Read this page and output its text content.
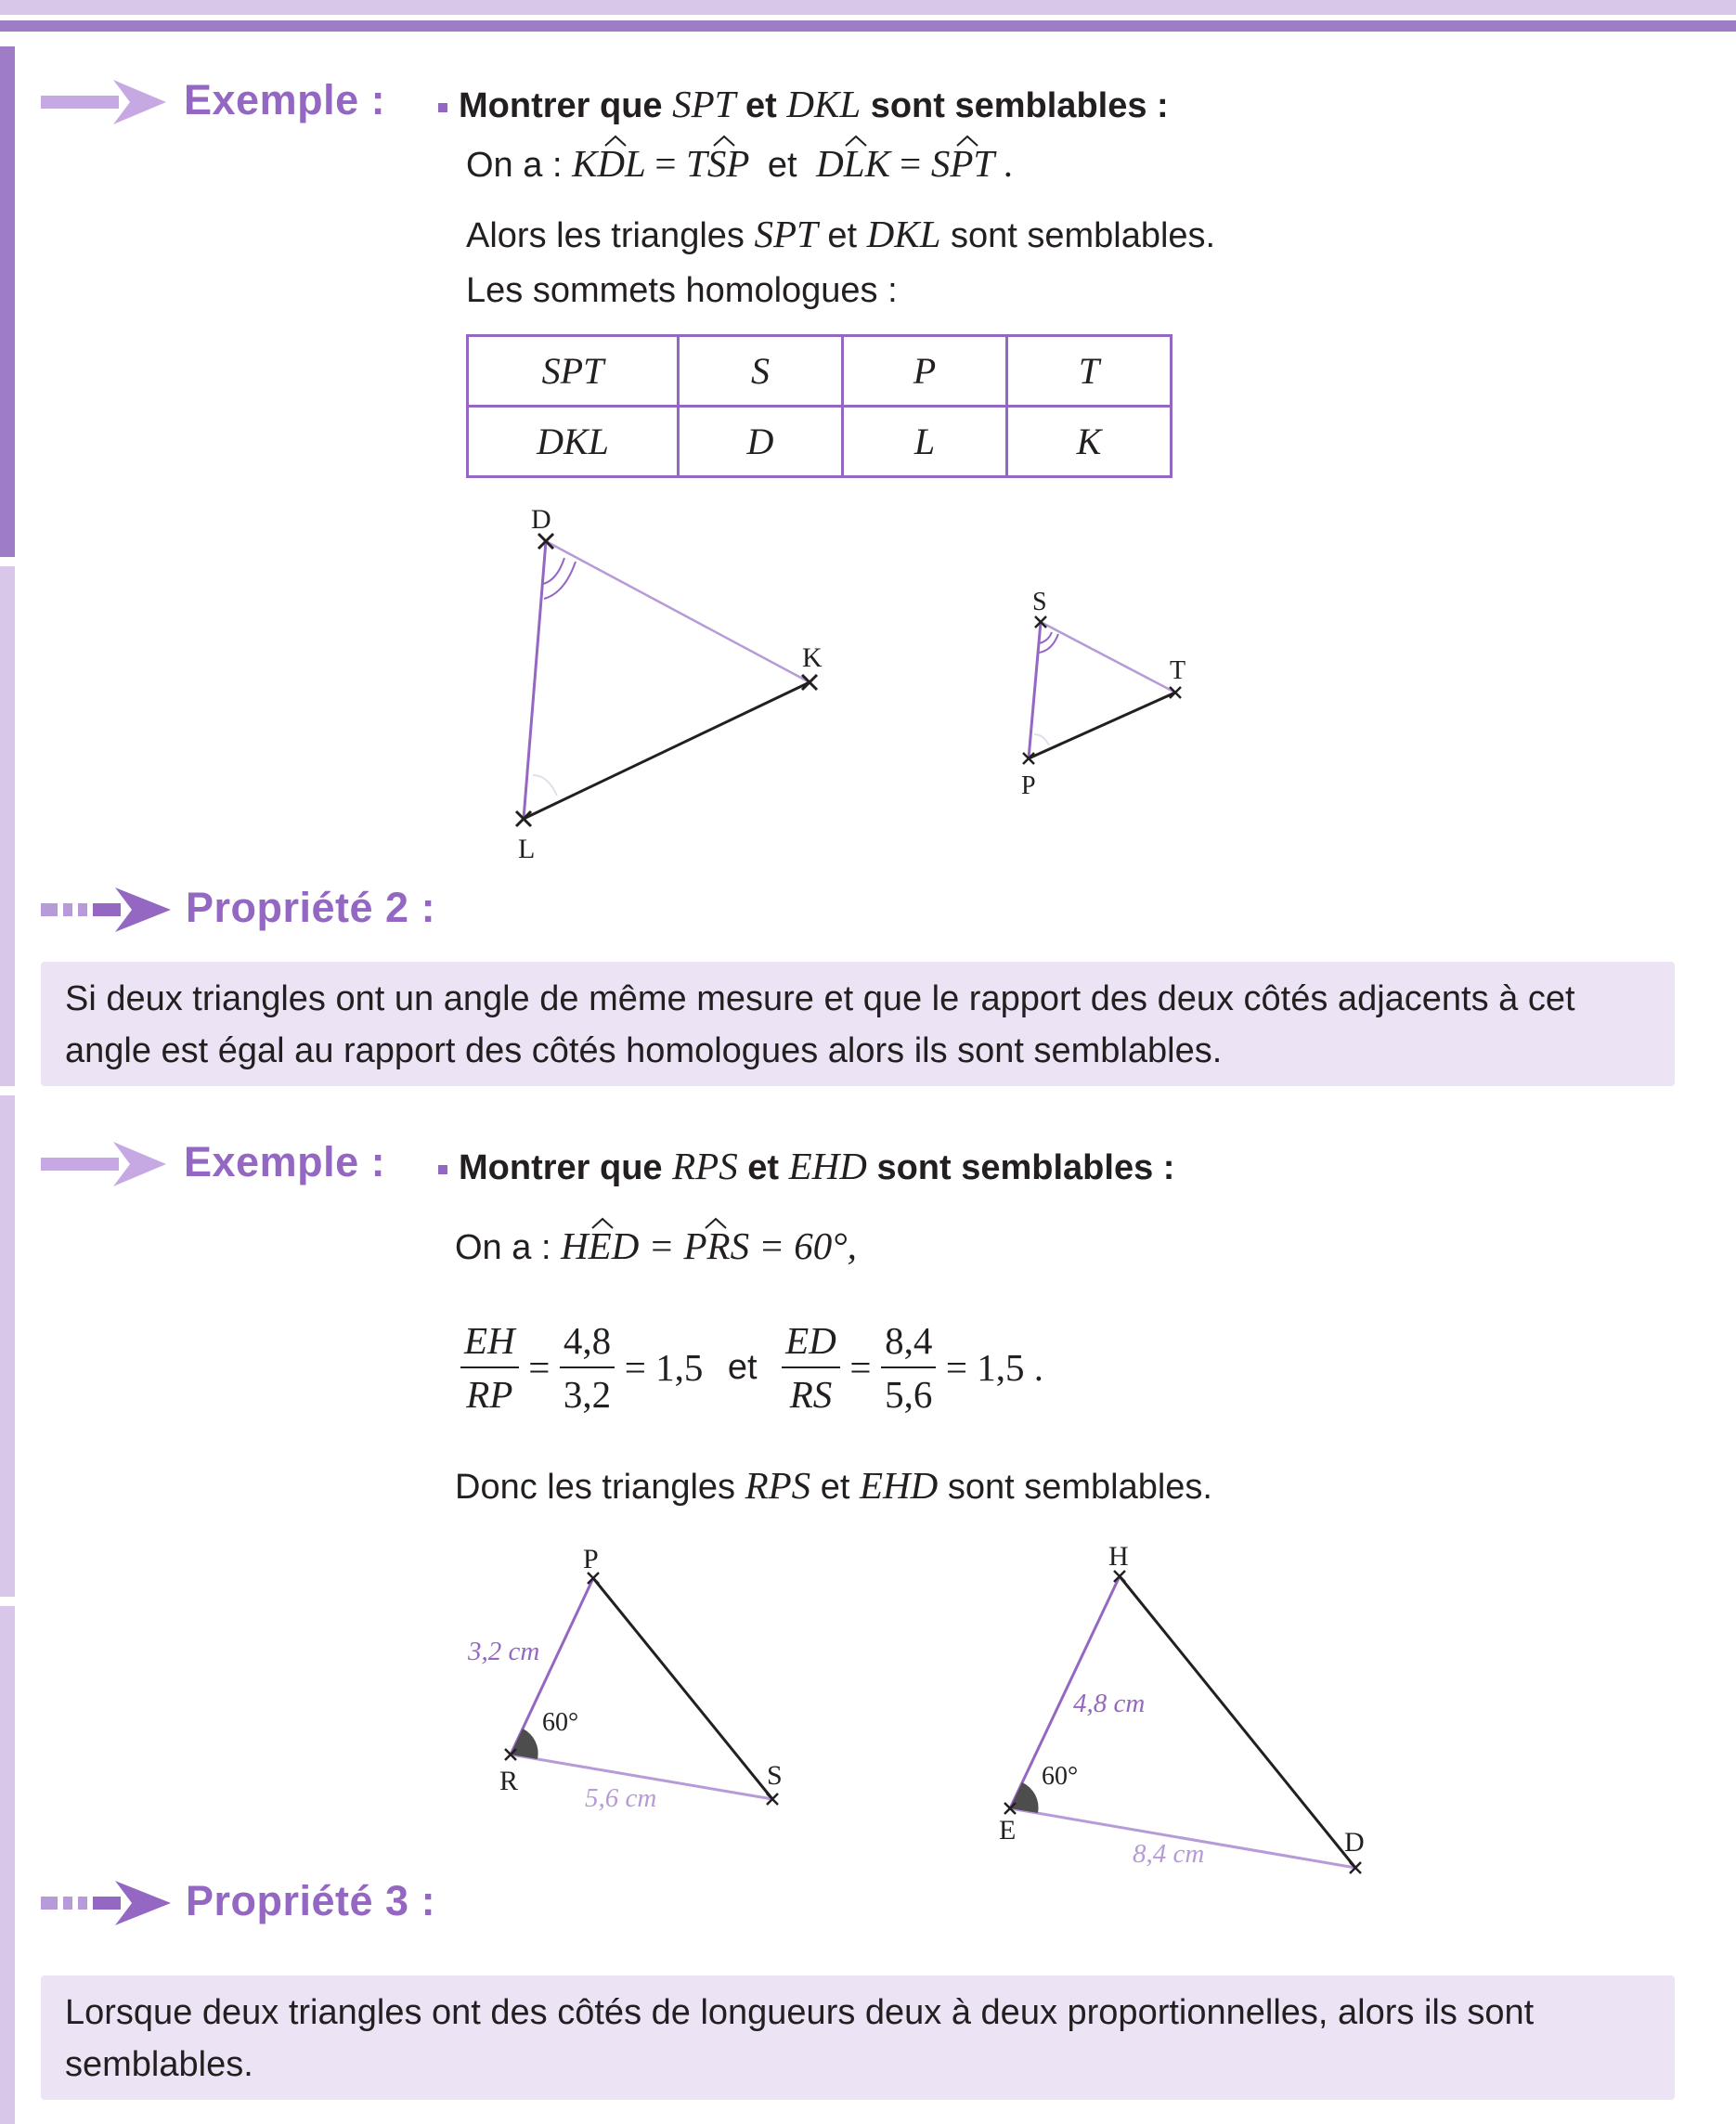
Exemple :	Montrer que SPT et DKL sont semblables :
On a : KDL = TSP et DLK = SPT .
Alors les triangles SPT et DKL sont semblables.
Les sommets homologues :
SPT	S	P	T
DKL	D	L	K
D
K
L
S
T
P
Propriété 2 :
Si deux triangles ont un angle de même mesure et que le rapport des deux côtés adjacents à cet angle est égal au rapport des côtés homologues alors ils sont semblables.
Exemple :	Montrer que RPS et EHD sont semblables :
On a : HED = PRS = 60°,
$\frac{EH}{RP} = \frac{4,8}{3,2} = 1,5$ et $\frac{ED}{RS} = \frac{8,4}{5,6} = 1,5$ .
Donc les triangles RPS et EHD sont semblables.
P
R	S
3,2 cm
5,6 cm
60°
H
E	D
4,8 cm
8,4 cm
60°
Propriété 3 :
Lorsque deux triangles ont des côtés de longueurs deux à deux proportionnelles, alors ils sont semblables.
